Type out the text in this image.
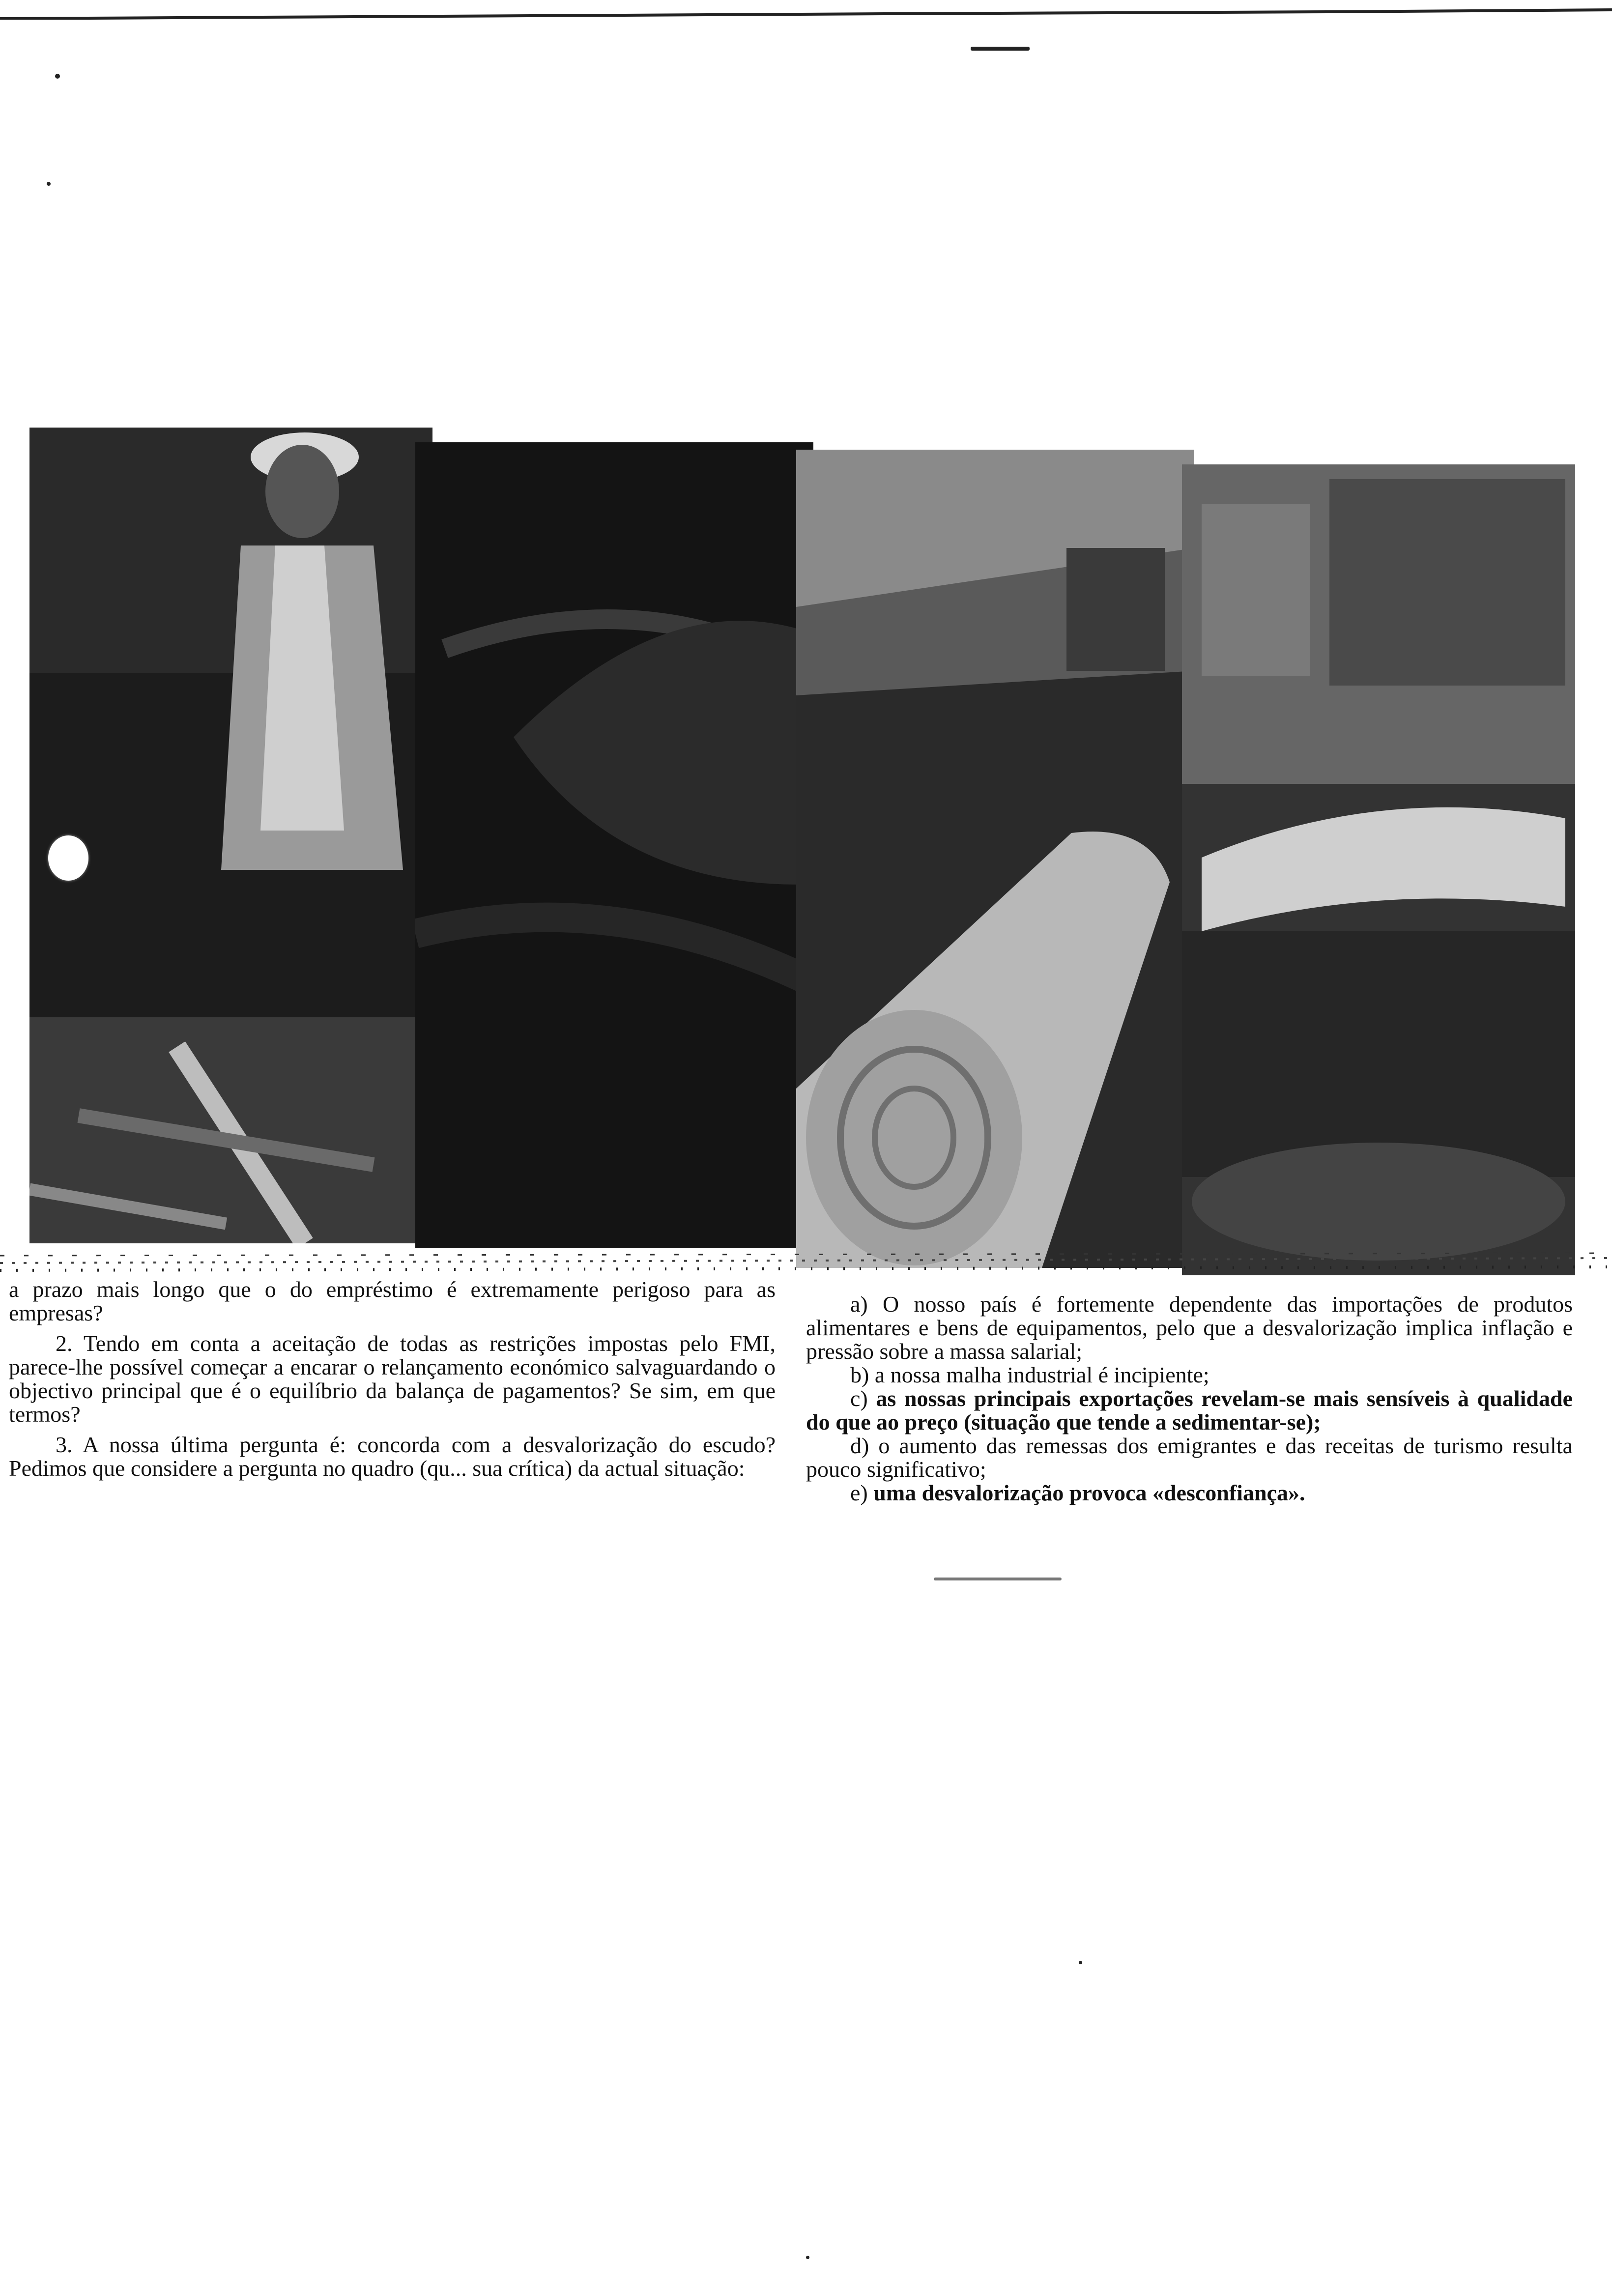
a prazo mais longo que o do empréstimo é extremamente perigoso para as empresas?

2. Tendo em conta a aceitação de todas as restrições impostas pelo FMI, parece-lhe possível começar a encarar o relançamento económico salvaguardando o objectivo principal que é o equilíbrio da balança de pagamentos? Se sim, em que termos?

3. A nossa última pergunta é: concorda com a desvalorização do escudo? Pedimos que considere a pergunta no quadro (qu... sua crítica) da actual situação:

a) O nosso país é fortemente dependente das importações de produtos alimentares e bens de equipamentos, pelo que a desvalorização implica inflação e pressão sobre a massa salarial;

b) a nossa malha industrial é incipiente;

c) as nossas principais exportações revelam-se mais sensíveis à qualidade do que ao preço (situação que tende a sedimentar-se);

d) o aumento das remessas dos emigrantes e das receitas de turismo resulta pouco significativo;

e) uma desvalorização provoca «desconfiança».
